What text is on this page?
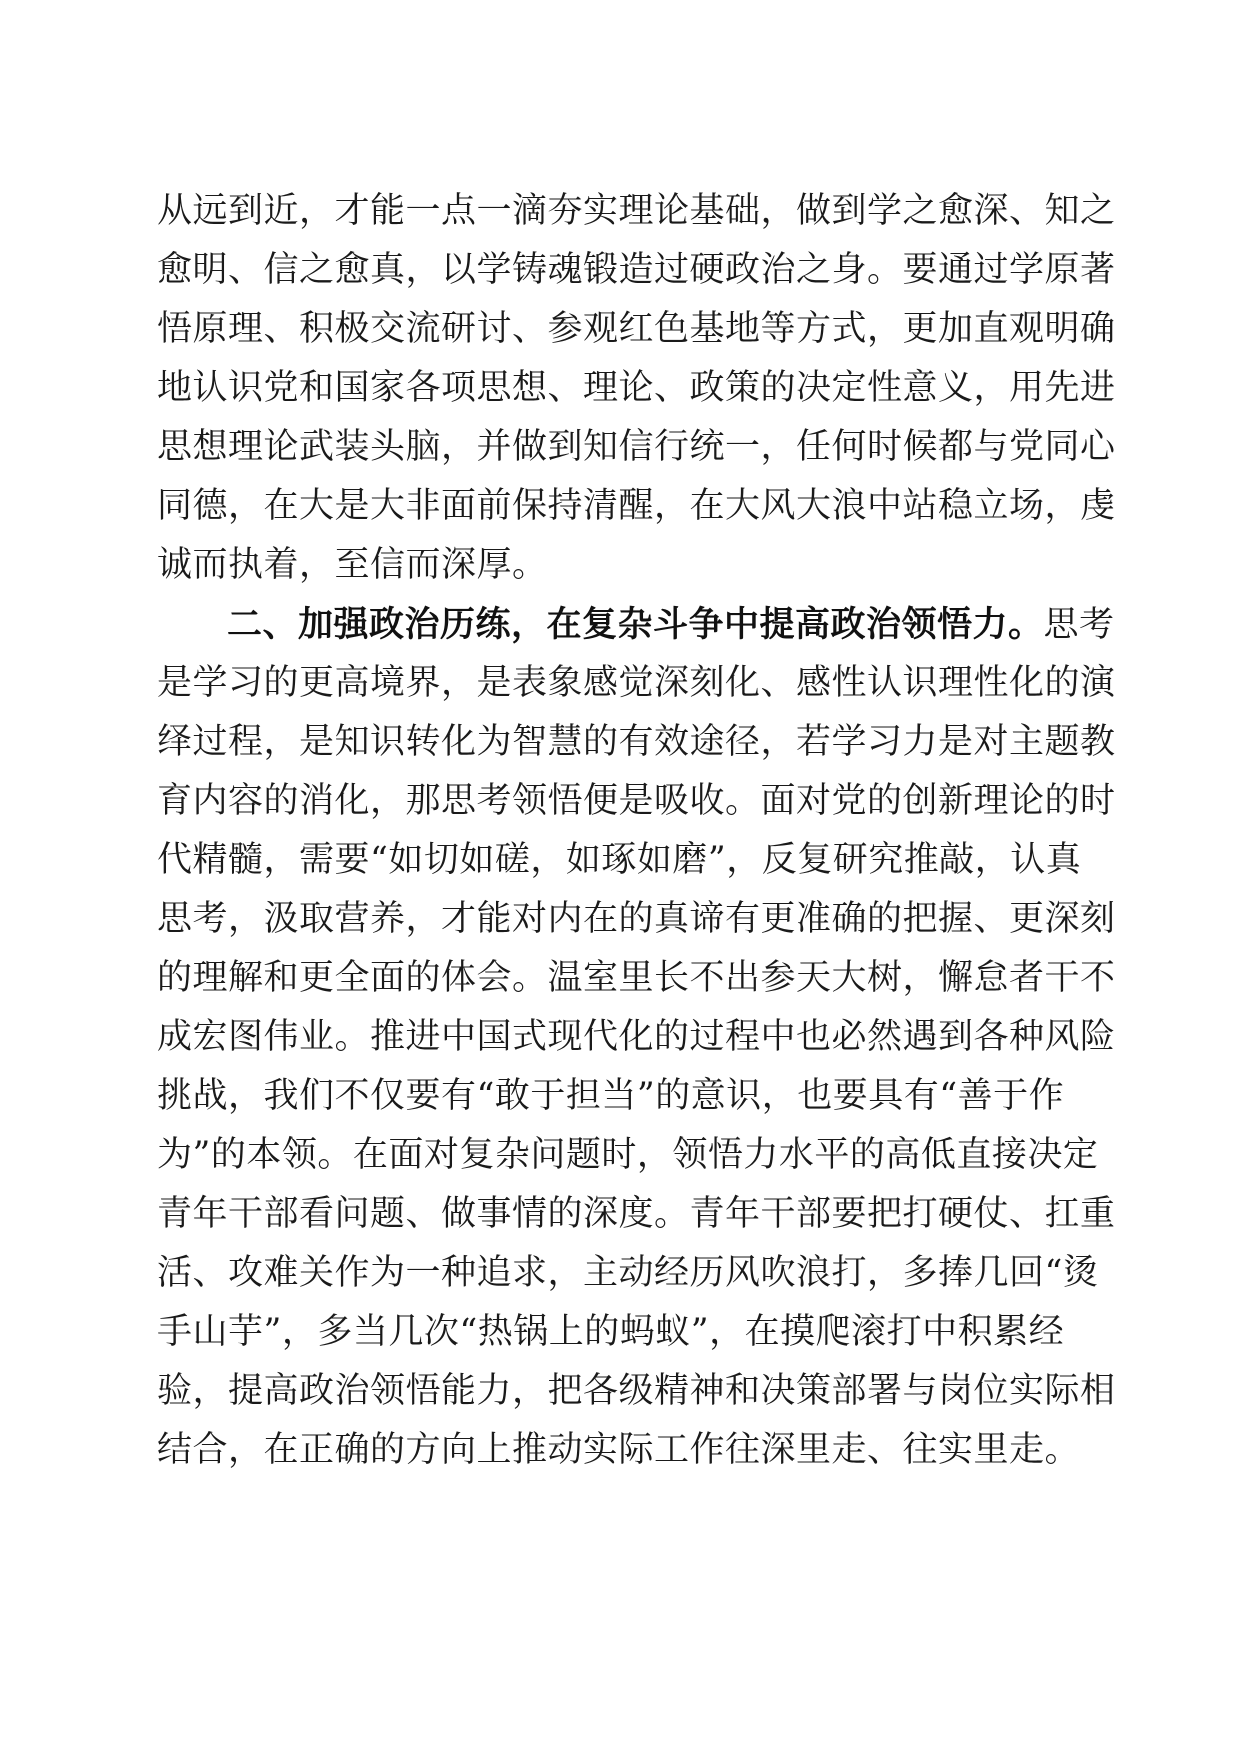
从远到近，才能一点一滴夯实理论基础，做到学之愈深、知之
愈明、信之愈真，以学铸魂锻造过硬政治之身。要通过学原著
悟原理、积极交流研讨、参观红色基地等方式，更加直观明确
地认识党和国家各项思想、理论、政策的决定性意义，用先进
思想理论武装头脑，并做到知信行统一，任何时候都与党同心
同德，在大是大非面前保持清醒，在大风大浪中站稳立场，虔
诚而执着，至信而深厚。
二、加强政治历练，在复杂斗争中提高政治领悟力。思考
是学习的更高境界，是表象感觉深刻化、感性认识理性化的演
绎过程，是知识转化为智慧的有效途径，若学习力是对主题教
育内容的消化，那思考领悟便是吸收。面对党的创新理论的时
代精髓，需要“如切如磋，如琢如磨”，反复研究推敲，认真
思考，汲取营养，才能对内在的真谛有更准确的把握、更深刻
的理解和更全面的体会。温室里长不出参天大树，懈怠者干不
成宏图伟业。推进中国式现代化的过程中也必然遇到各种风险
挑战，我们不仅要有“敢于担当”的意识，也要具有“善于作
为”的本领。在面对复杂问题时，领悟力水平的高低直接决定
青年干部看问题、做事情的深度。青年干部要把打硬仗、扛重
活、攻难关作为一种追求，主动经历风吹浪打，多捧几回“烫
手山芋”，多当几次“热锅上的蚂蚁”，在摸爬滚打中积累经
验，提高政治领悟能力，把各级精神和决策部署与岗位实际相
结合，在正确的方向上推动实际工作往深里走、往实里走。
